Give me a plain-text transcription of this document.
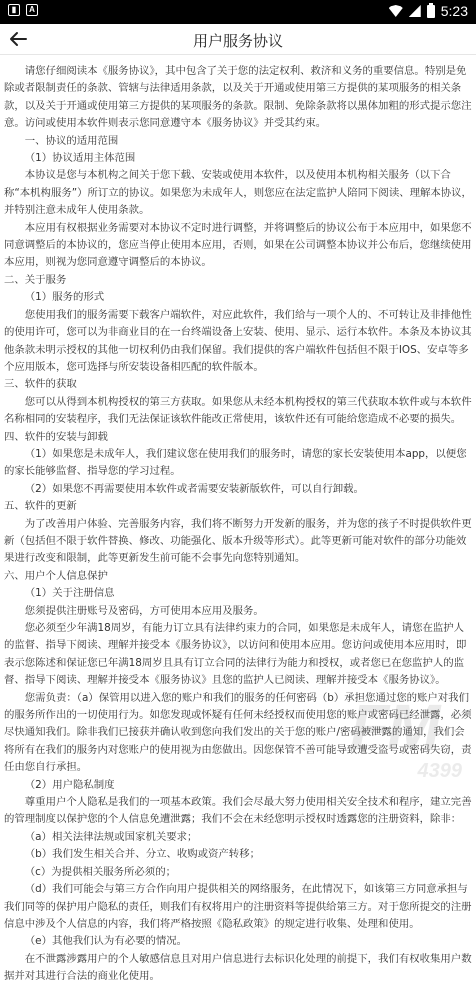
▮	A	5:23
用户服务协议

请您仔细阅读本《服务协议》，其中包含了关于您的法定权利、救济和义务的重要信息。特别是免除或者限制责任的条款、管辖与法律适用条款，以及关于开通或使用第三方提供的某项服务的相关条款，以及关于开通或使用第三方提供的某项服务的条款。限制、免除条款将以黑体加粗的形式提示您注意。访问或使用本软件则表示您同意遵守本《服务协议》并受其约束。

一、协议的适用范围

（1）协议适用主体范围

本协议是您与本机构之间关于您下载、安装或使用本软件，以及使用本机构相关服务（以下合称“本机构服务”）所订立的协议。如果您为未成年人，则您应在法定监护人陪同下阅读、理解本协议，并特别注意未成年人使用条款。

本应用有权根据业务需要对本协议不定时进行调整，并将调整后的协议公布于本应用中，如果您不同意调整后的本协议的，您应当停止使用本应用，否则，如果在公司调整本协议并公布后，您继续使用本应用，则视为您同意遵守调整后的本协议。

二、关于服务

（1）服务的形式

您使用我们的服务需要下载客户端软件，对应此软件，我们给与一项个人的、不可转让及非排他性的使用许可，您可以为非商业目的在一台终端设备上安装、使用、显示、运行本软件。本条及本协议其他条款未明示授权的其他一切权利仍由我们保留。我们提供的客户端软件包括但不限于IOS、安卓等多个应用版本，您可选择与所安装设备相匹配的软件版本。

三、软件的获取

您可以从得到本机构授权的第三方获取。如果您从未经本机构授权的第三代获取本软件或与本软件名称相同的安装程序，我们无法保证该软件能改正常使用，该软件还有可能给您造成不必要的损失。

四、软件的安装与卸载

（1）如果您是未成年人，我们建议您在使用我们的服务时，请您的家长安装使用本app，以便您的家长能够监督、指导您的学习过程。

（2）如果您不再需要使用本软件或者需要安装新版软件，可以自行卸载。

五、软件的更新

为了改善用户体验、完善服务内容，我们将不断努力开发新的服务，并为您的孩子不时提供软件更新（包括但不限于软件替换、修改、功能强化、版本升级等形式）。此等更新可能对软件的部分功能效果进行改变和限制，此等更新发生前可能不会事先向您特别通知。

六、用户个人信息保护

（1）关于注册信息

您须提供注册账号及密码，方可使用本应用及服务。

您必须至少年满18周岁，有能力订立具有法律约束力的合同，如果您是未成年人，请您在监护人的监督、指导下阅读、理解并接受本《服务协议》，以访问和使用本应用。您访问或使用本应用时，即表示您陈述和保证您已年满18周岁且具有订立合同的法律行为能力和授权，或者您已在您监护人的监督、指导下阅读、理解并接受本《服务协议》且您的监护人已阅读、理解并接受本《服务协议》。

您需负责：（a）保管用以进入您的账户和我们的服务的任何密码（b）承担您通过您的账户对我们的服务所作出的一切使用行为。如您发现或怀疑有任何未经授权而使用您的账户或密码已经泄露，必须尽快通知我们。除非我们已接获并确认收到您向我们发出的关于您的账户/密码被泄露的通知，我们会将所有在我们的服务内对您账户的使用视为由您做出。因您保管不善可能导致遭受盗号或密码失窃，责任由您自行承担。

（2）用户隐私制度

尊重用户个人隐私是我们的一项基本政策。我们会尽最大努力使用相关安全技术和程序，建立完善的管理制度以保护您的个人信息免遭泄露；我们不会在未经您明示授权时透露您的注册资料，除非：

（a）相关法律法规或国家机关要求；

（b）我们发生相关合并、分立、收购或资产转移；

（c）为提供相关服务所必须的；

（d）我们可能会与第三方合作向用户提供相关的网络服务，在此情况下，如该第三方同意承担与我们同等的保护用户隐私的责任，则我们有权将用户的注册资料等提供给第三方。对于您所提交的注册信息中涉及个人信息的内容，我们将严格按照《隐私政策》的规定进行收集、处理和使用。

（e）其他我们认为有必要的情况。

在不泄露涉露用户的个人敏感信息且对用户信息进行去标识化处理的前提下，我们有权收集用户数据并对其进行合法的商业化使用。

FM
4399
